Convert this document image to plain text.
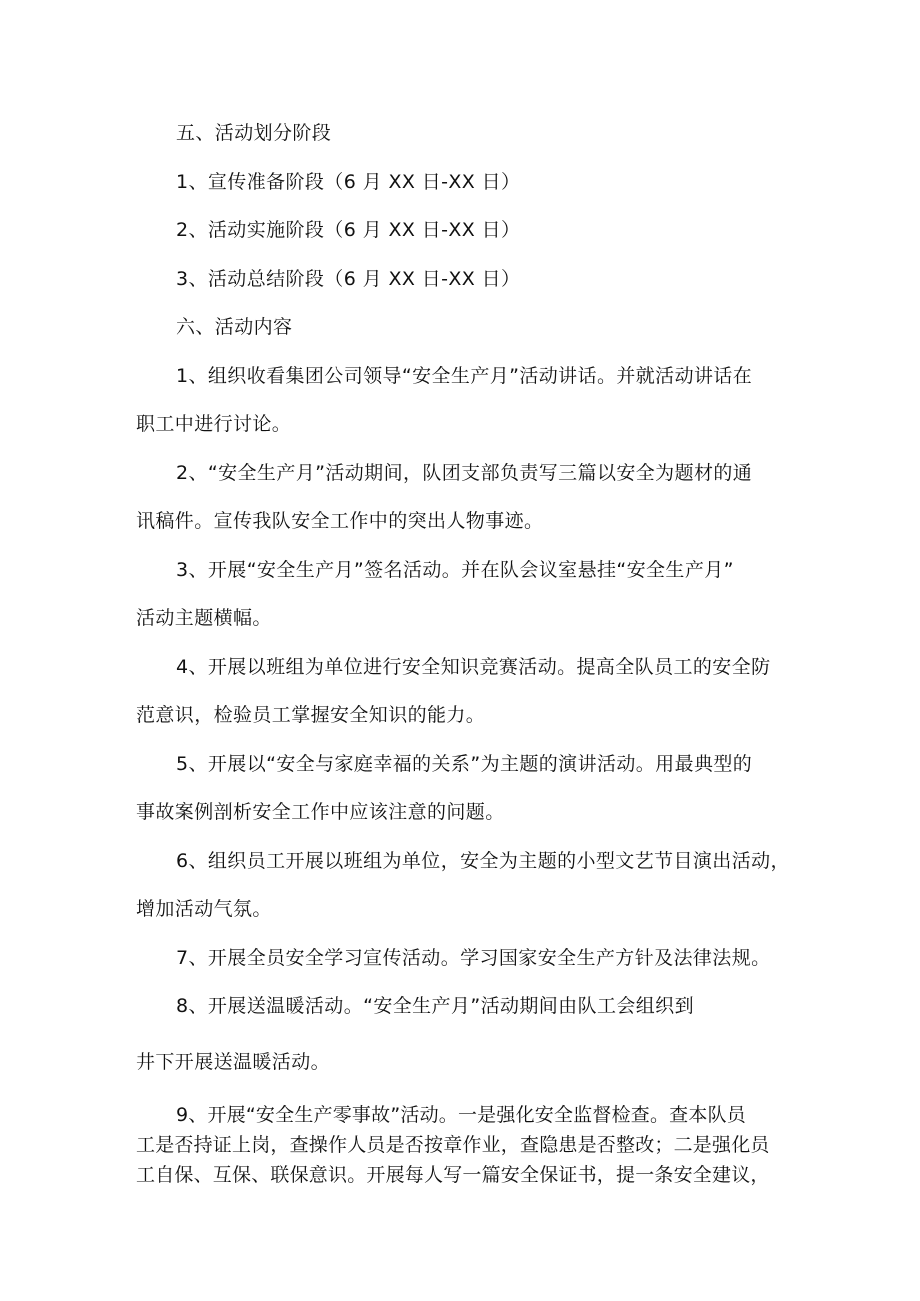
五、活动划分阶段
1、宣传准备阶段（6 月 XX 日-XX 日）
2、活动实施阶段（6 月 XX 日-XX 日）
3、活动总结阶段（6 月 XX 日-XX 日）
六、活动内容
1、组织收看集团公司领导“安全生产月”活动讲话。并就活动讲话在
职工中进行讨论。
2、“安全生产月”活动期间，队团支部负责写三篇以安全为题材的通
讯稿件。宣传我队安全工作中的突出人物事迹。
3、开展“安全生产月”签名活动。并在队会议室悬挂“安全生产月”
活动主题横幅。
4、开展以班组为单位进行安全知识竞赛活动。提高全队员工的安全防
范意识，检验员工掌握安全知识的能力。
5、开展以“安全与家庭幸福的关系”为主题的演讲活动。用最典型的
事故案例剖析安全工作中应该注意的问题。
6、组织员工开展以班组为单位，安全为主题的小型文艺节目演出活动，
增加活动气氛。
7、开展全员安全学习宣传活动。学习国家安全生产方针及法律法规。
8、开展送温暖活动。“安全生产月”活动期间由队工会组织到
井下开展送温暖活动。
9、开展“安全生产零事故”活动。一是强化安全监督检查。查本队员
工是否持证上岗，查操作人员是否按章作业，查隐患是否整改；二是强化员
工自保、互保、联保意识。开展每人写一篇安全保证书，提一条安全建议，
